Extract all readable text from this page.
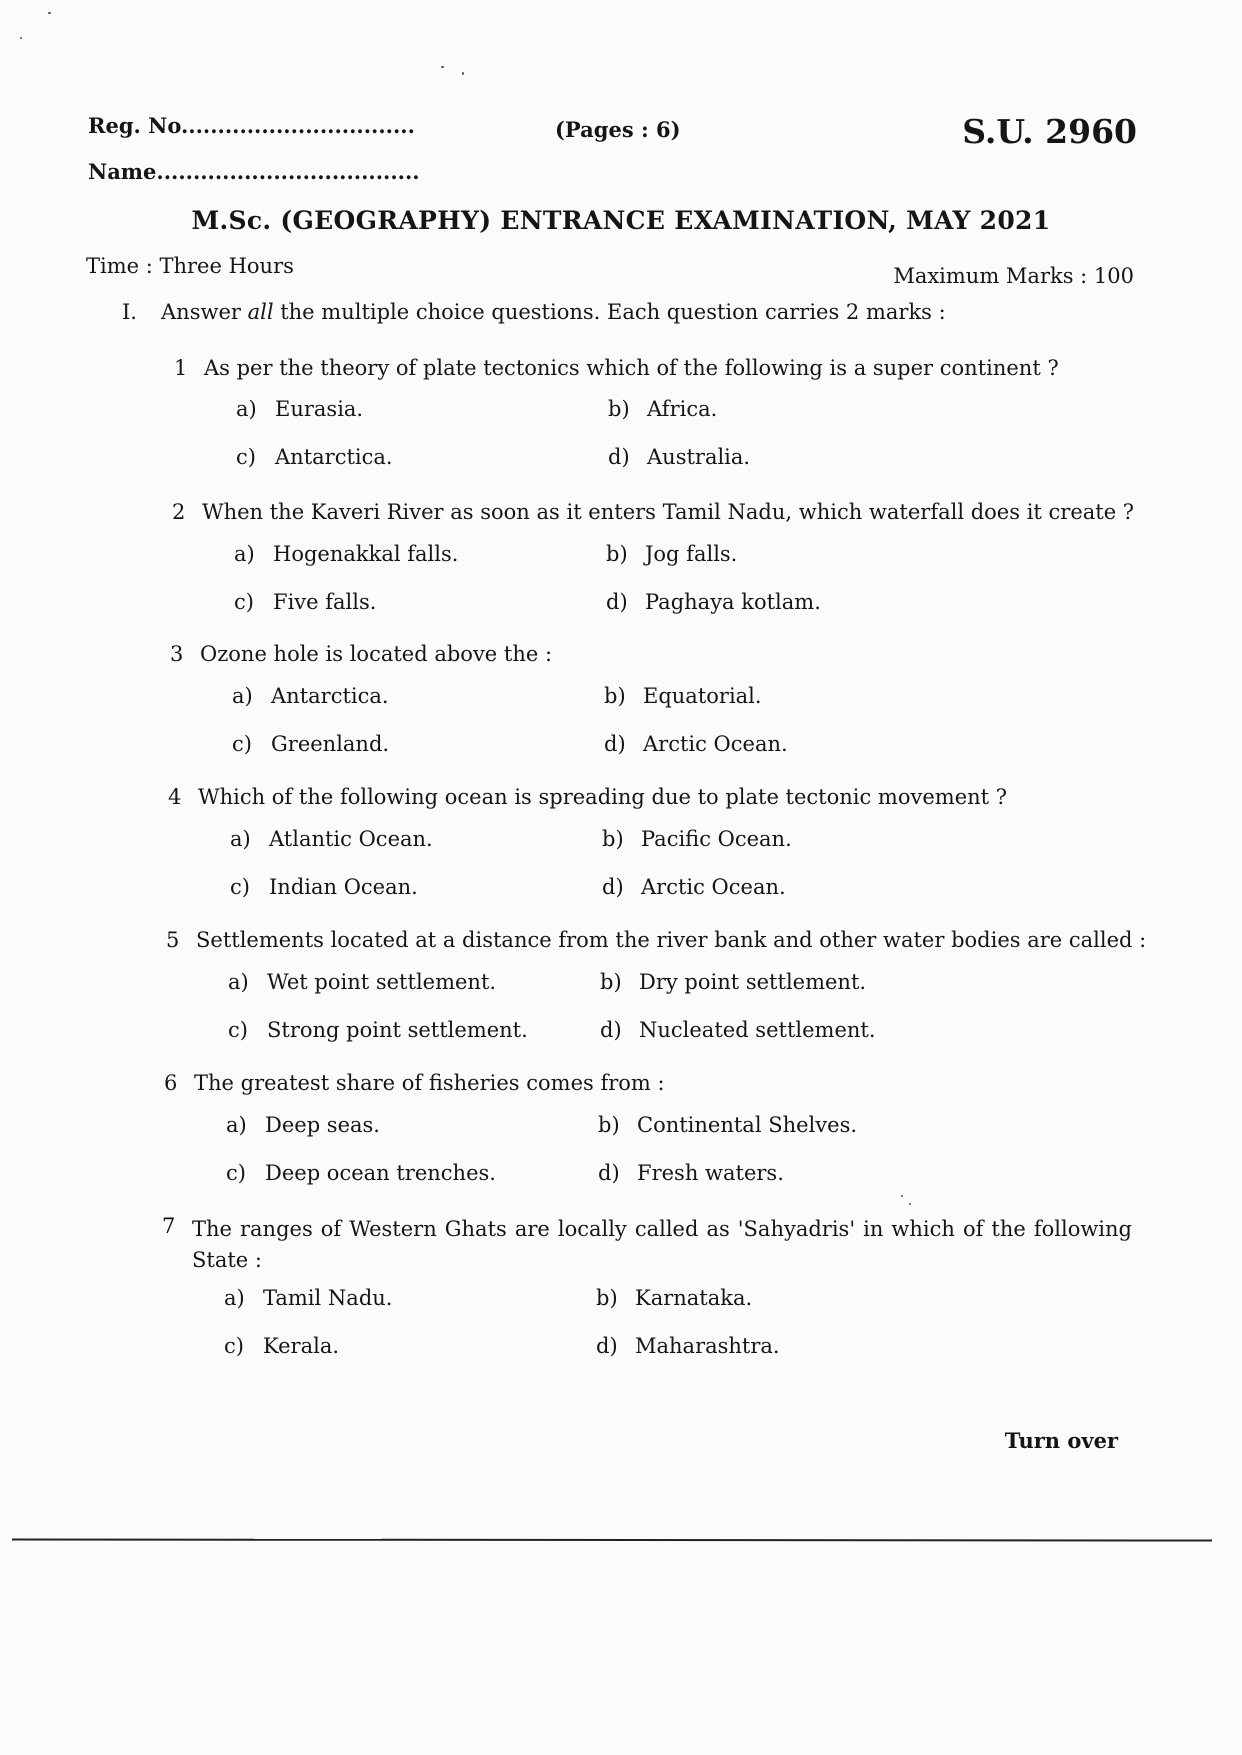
Reg. No................................
Name....................................
(Pages : 6)	S.U. 2960
M.Sc. (GEOGRAPHY) ENTRANCE EXAMINATION, MAY 2021
Time : Three Hours	Maximum Marks : 100
I. Answer all the multiple choice questions. Each question carries 2 marks :
1 As per the theory of plate tectonics which of the following is a super continent ?
a) Eurasia.	b) Africa.
c) Antarctica.	d) Australia.
2 When the Kaveri River as soon as it enters Tamil Nadu, which waterfall does it create ?
a) Hogenakkal falls.	b) Jog falls.
c) Five falls.	d) Paghaya kotlam.
3 Ozone hole is located above the :
a) Antarctica.	b) Equatorial.
c) Greenland.	d) Arctic Ocean.
4 Which of the following ocean is spreading due to plate tectonic movement ?
a) Atlantic Ocean.	b) Pacific Ocean.
c) Indian Ocean.	d) Arctic Ocean.
5 Settlements located at a distance from the river bank and other water bodies are called :
a) Wet point settlement.	b) Dry point settlement.
c) Strong point settlement.	d) Nucleated settlement.
6 The greatest share of fisheries comes from :
a) Deep seas.	b) Continental Shelves.
c) Deep ocean trenches.	d) Fresh waters.
7 The ranges of Western Ghats are locally called as 'Sahyadris' in which of the following State :
a) Tamil Nadu.	b) Karnataka.
c) Kerala.	d) Maharashtra.
Turn over
